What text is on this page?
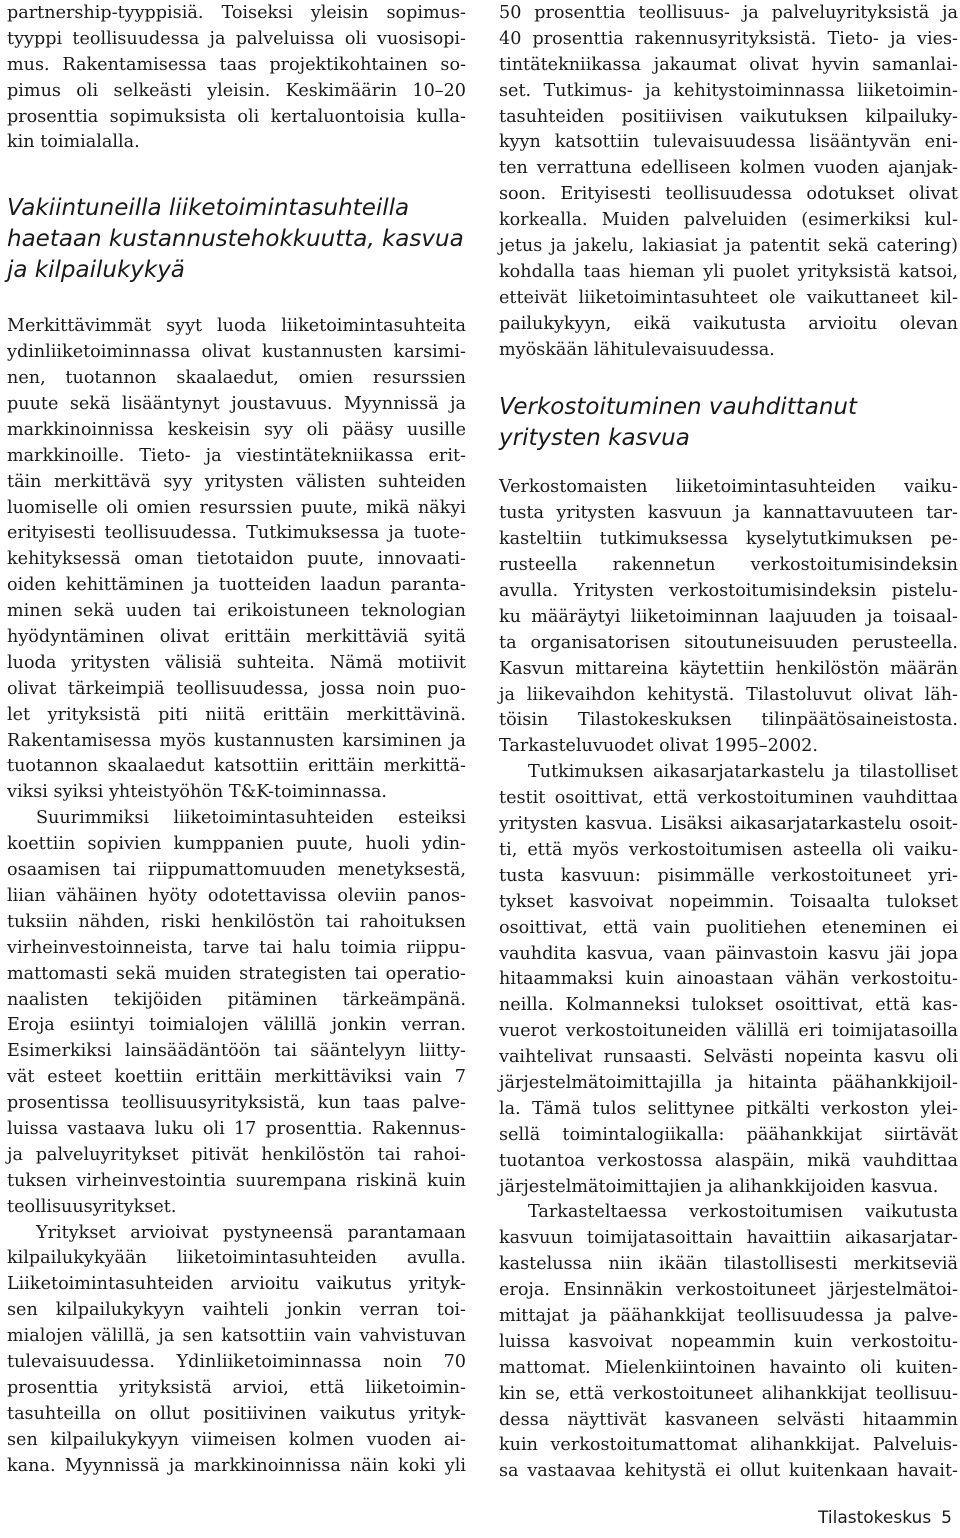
partnership-tyyppisiä. Toiseksi yleisin sopimus-
tyyppi teollisuudessa ja palveluissa oli vuosisopi-
mus. Rakentamisessa taas projektikohtainen so-
pimus oli selkeästi yleisin. Keskimäärin 10–20
prosenttia sopimuksista oli kertaluontoisia kulla-
kin toimialalla.
Vakiintuneilla liiketoimintasuhteilla
haetaan kustannustehokkuutta, kasvua
ja kilpailukykyä
Merkittävimmät syyt luoda liiketoimintasuhteita
ydinliiketoiminnassa olivat kustannusten karsimi-
nen, tuotannon skaalaedut, omien resurssien
puute sekä lisääntynyt joustavuus. Myynnissä ja
markkinoinnissa keskeisin syy oli pääsy uusille
markkinoille. Tieto- ja viestintätekniikassa erit-
täin merkittävä syy yritysten välisten suhteiden
luomiselle oli omien resurssien puute, mikä näkyi
erityisesti teollisuudessa. Tutkimuksessa ja tuote-
kehityksessä oman tietotaidon puute, innovaati-
oiden kehittäminen ja tuotteiden laadun paranta-
minen sekä uuden tai erikoistuneen teknologian
hyödyntäminen olivat erittäin merkittäviä syitä
luoda yritysten välisiä suhteita. Nämä motiivit
olivat tärkeimpiä teollisuudessa, jossa noin puo-
let yrityksistä piti niitä erittäin merkittävinä.
Rakentamisessa myös kustannusten karsiminen ja
tuotannon skaalaedut katsottiin erittäin merkittä-
viksi syiksi yhteistyöhön T&K-toiminnassa.
Suurimmiksi liiketoimintasuhteiden esteiksi
koettiin sopivien kumppanien puute, huoli ydin-
osaamisen tai riippumattomuuden menetyksestä,
liian vähäinen hyöty odotettavissa oleviin panos-
tuksiin nähden, riski henkilöstön tai rahoituksen
virheinvestoinneista, tarve tai halu toimia riippu-
mattomasti sekä muiden strategisten tai operatio-
naalisten tekijöiden pitäminen tärkeämpänä.
Eroja esiintyi toimialojen välillä jonkin verran.
Esimerkiksi lainsäädäntöön tai sääntelyyn liitty-
vät esteet koettiin erittäin merkittäviksi vain 7
prosentissa teollisuusyrityksistä, kun taas palve-
luissa vastaava luku oli 17 prosenttia. Rakennus-
ja palveluyritykset pitivät henkilöstön tai rahoi-
tuksen virheinvestointia suurempana riskinä kuin
teollisuusyritykset.
Yritykset arvioivat pystyneensä parantamaan
kilpailukykyään liiketoimintasuhteiden avulla.
Liiketoimintasuhteiden arvioitu vaikutus yrityk-
sen kilpailukykyyn vaihteli jonkin verran toi-
mialojen välillä, ja sen katsottiin vain vahvistuvan
tulevaisuudessa. Ydinliiketoiminnassa noin 70
prosenttia yrityksistä arvioi, että liiketoimin-
tasuhteilla on ollut positiivinen vaikutus yrityk-
sen kilpailukykyyn viimeisen kolmen vuoden ai-
kana. Myynnissä ja markkinoinnissa näin koki yli
50 prosenttia teollisuus- ja palveluyrityksistä ja
40 prosenttia rakennusyrityksistä. Tieto- ja vies-
tintätekniikassa jakaumat olivat hyvin samanlai-
set. Tutkimus- ja kehitystoiminnassa liiketoimin-
tasuhteiden positiivisen vaikutuksen kilpailuky-
kyyn katsottiin tulevaisuudessa lisääntyvän eni-
ten verrattuna edelliseen kolmen vuoden ajanjak-
soon. Erityisesti teollisuudessa odotukset olivat
korkealla. Muiden palveluiden (esimerkiksi kul-
jetus ja jakelu, lakiasiat ja patentit sekä catering)
kohdalla taas hieman yli puolet yrityksistä katsoi,
etteivät liiketoimintasuhteet ole vaikuttaneet kil-
pailukykyyn, eikä vaikutusta arvioitu olevan
myöskään lähitulevaisuudessa.
Verkostoituminen vauhdittanut
yritysten kasvua
Verkostomaisten liiketoimintasuhteiden vaiku-
tusta yritysten kasvuun ja kannattavuuteen tar-
kasteltiin tutkimuksessa kyselytutkimuksen pe-
rusteella rakennetun verkostoitumisindeksin
avulla. Yritysten verkostoitumisindeksin pistelu-
ku määräytyi liiketoiminnan laajuuden ja toisaal-
ta organisatorisen sitoutuneisuuden perusteella.
Kasvun mittareina käytettiin henkilöstön määrän
ja liikevaihdon kehitystä. Tilastoluvut olivat läh-
töisin Tilastokeskuksen tilinpäätösaineistosta.
Tarkasteluvuodet olivat 1995–2002.
Tutkimuksen aikasarjatarkastelu ja tilastolliset
testit osoittivat, että verkostoituminen vauhdittaa
yritysten kasvua. Lisäksi aikasarjatarkastelu osoit-
ti, että myös verkostoitumisen asteella oli vaiku-
tusta kasvuun: pisimmälle verkostoituneet yri-
tykset kasvoivat nopeimmin. Toisaalta tulokset
osoittivat, että vain puolitiehen eteneminen ei
vauhdita kasvua, vaan päinvastoin kasvu jäi jopa
hitaammaksi kuin ainoastaan vähän verkostoitu-
neilla. Kolmanneksi tulokset osoittivat, että kas-
vuerot verkostoituneiden välillä eri toimijatasoilla
vaihtelivat runsaasti. Selvästi nopeinta kasvu oli
järjestelmätoimittajilla ja hitainta päähankkijoil-
la. Tämä tulos selittynee pitkälti verkoston ylei-
sellä toimintalogiikalla: päähankkijat siirtävät
tuotantoa verkostossa alaspäin, mikä vauhdittaa
järjestelmätoimittajien ja alihankkijoiden kasvua.
Tarkasteltaessa verkostoitumisen vaikutusta
kasvuun toimijatasoittain havaittiin aikasarjatar-
kastelussa niin ikään tilastollisesti merkitseviä
eroja. Ensinnäkin verkostoituneet järjestelmätoi-
mittajat ja päähankkijat teollisuudessa ja palve-
luissa kasvoivat nopeammin kuin verkostoitu-
mattomat. Mielenkiintoinen havainto oli kuiten-
kin se, että verkostoituneet alihankkijat teollisuu-
dessa näyttivät kasvaneen selvästi hitaammin
kuin verkostoitumattomat alihankkijat. Palveluis-
sa vastaavaa kehitystä ei ollut kuitenkaan havait-
Tilastokeskus 5
